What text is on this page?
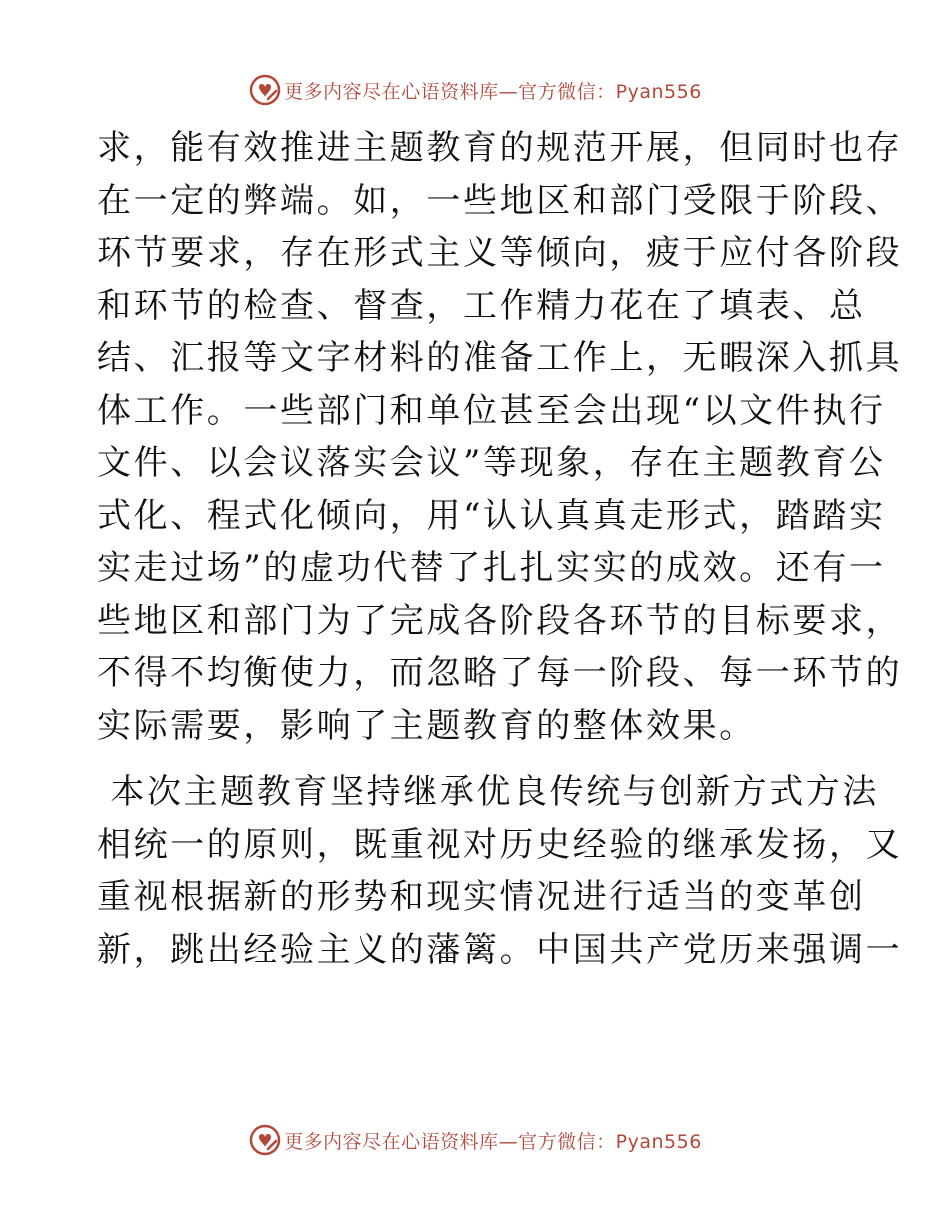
更多内容尽在心语资料库—官方微信：Pyan556
求，能有效推进主题教育的规范开展，但同时也存
在一定的弊端。如，一些地区和部门受限于阶段、
环节要求，存在形式主义等倾向，疲于应付各阶段
和环节的检查、督查，工作精力花在了填表、总
结、汇报等文字材料的准备工作上，无暇深入抓具
体工作。一些部门和单位甚至会出现“以文件执行
文件、以会议落实会议”等现象，存在主题教育公
式化、程式化倾向，用“认认真真走形式，踏踏实
实走过场”的虚功代替了扎扎实实的成效。还有一
些地区和部门为了完成各阶段各环节的目标要求，
不得不均衡使力，而忽略了每一阶段、每一环节的
实际需要，影响了主题教育的整体效果。
本次主题教育坚持继承优良传统与创新方式方法
相统一的原则，既重视对历史经验的继承发扬，又
重视根据新的形势和现实情况进行适当的变革创
新，跳出经验主义的藩篱。中国共产党历来强调一
更多内容尽在心语资料库—官方微信：Pyan556
